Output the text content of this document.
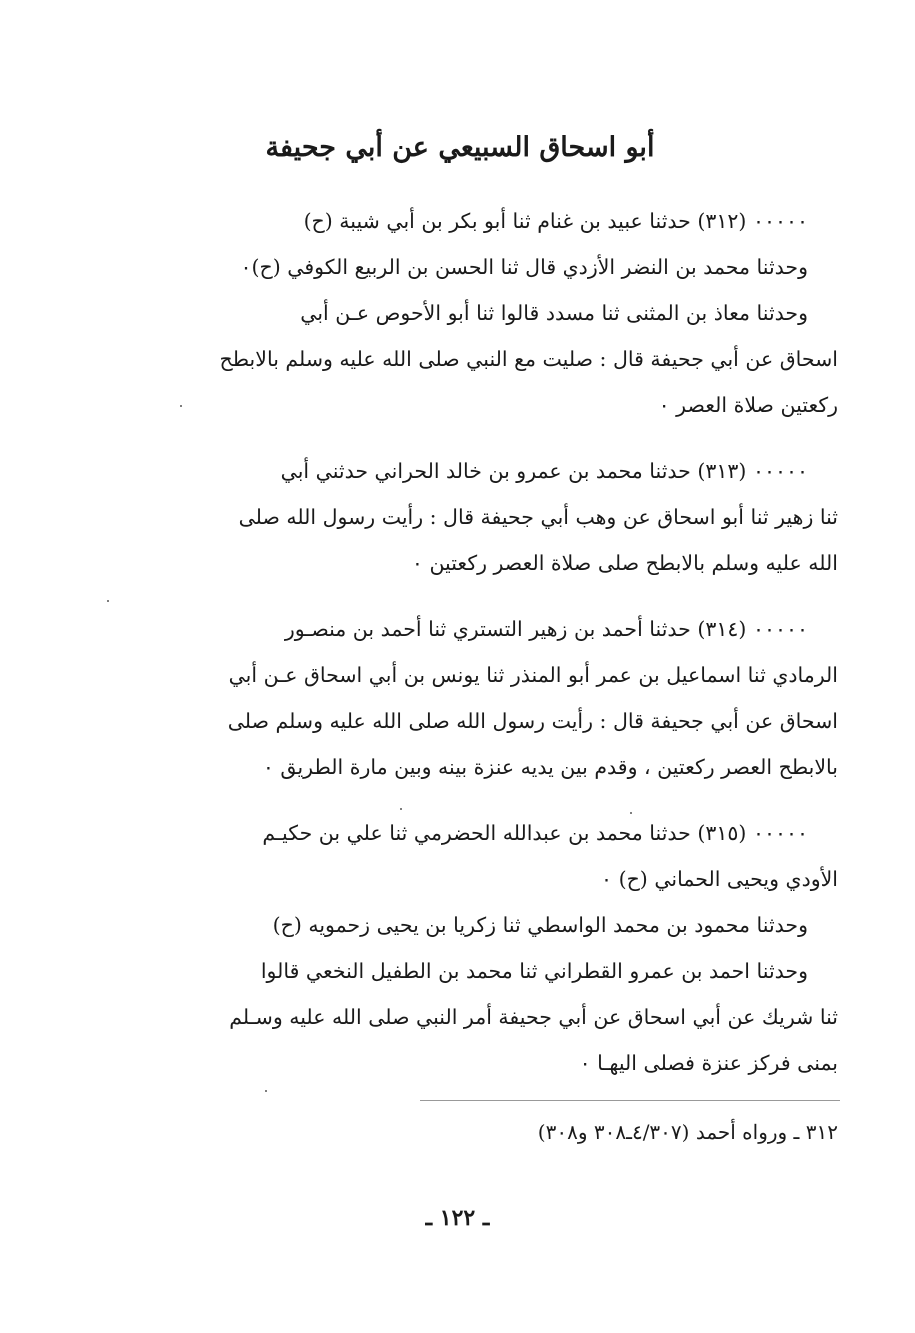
أبو اسحاق السبيعي عن أبي جحيفة
٠٠٠٠٠ (٣١٢) حدثنا عبيد بن غنام ثنا أبو بكر بن أبي شيبة (ح)
وحدثنا محمد بن النضر الأزدي قال ثنا الحسن بن الربيع الكوفي (ح)٠
وحدثنا معاذ بن المثنى ثنا مسدد قالوا ثنا أبو الأحوص عـن أبي
اسحاق عن أبي جحيفة قال : صليت مع النبي صلى الله عليه وسلم بالابطح
ركعتين صلاة العصر ٠
٠٠٠٠٠ (٣١٣) حدثنا محمد بن عمرو بن خالد الحراني حدثني أبي
ثنا زهير ثنا أبو اسحاق عن وهب أبي جحيفة قال : رأيت رسول الله صلى
الله عليه وسلم بالابطح صلى صلاة العصر ركعتين ٠
٠٠٠٠٠ (٣١٤) حدثنا أحمد بن زهير التستري ثنا أحمد بن منصـور
الرمادي ثنا اسماعيل بن عمر أبو المنذر ثنا يونس بن أبي اسحاق عـن أبي
اسحاق عن أبي جحيفة قال : رأيت رسول الله صلى الله عليه وسلم صلى
بالابطح العصر ركعتين ، وقدم بين يديه عنزة بينه وبين مارة الطريق ٠
٠٠٠٠٠ (٣١٥) حدثنا محمد بن عبدالله الحضرمي ثنا علي بن حكيـم
الأودي ويحيى الحماني (ح) ٠
وحدثنا محمود بن محمد الواسطي ثنا زكريا بن يحيى زحمويه (ح)
وحدثنا احمد بن عمرو القطراني ثنا محمد بن الطفيل النخعي قالوا
ثنا شريك عن أبي اسحاق عن أبي جحيفة أمر النبي صلى الله عليه وسـلم
بمنى فركز عنزة فصلى اليهـا ٠
٣١٢ ـ ورواه أحمد (٤/٣٠٧ـ٣٠٨ و٣٠٨)
ـ ١٢٢ ـ
